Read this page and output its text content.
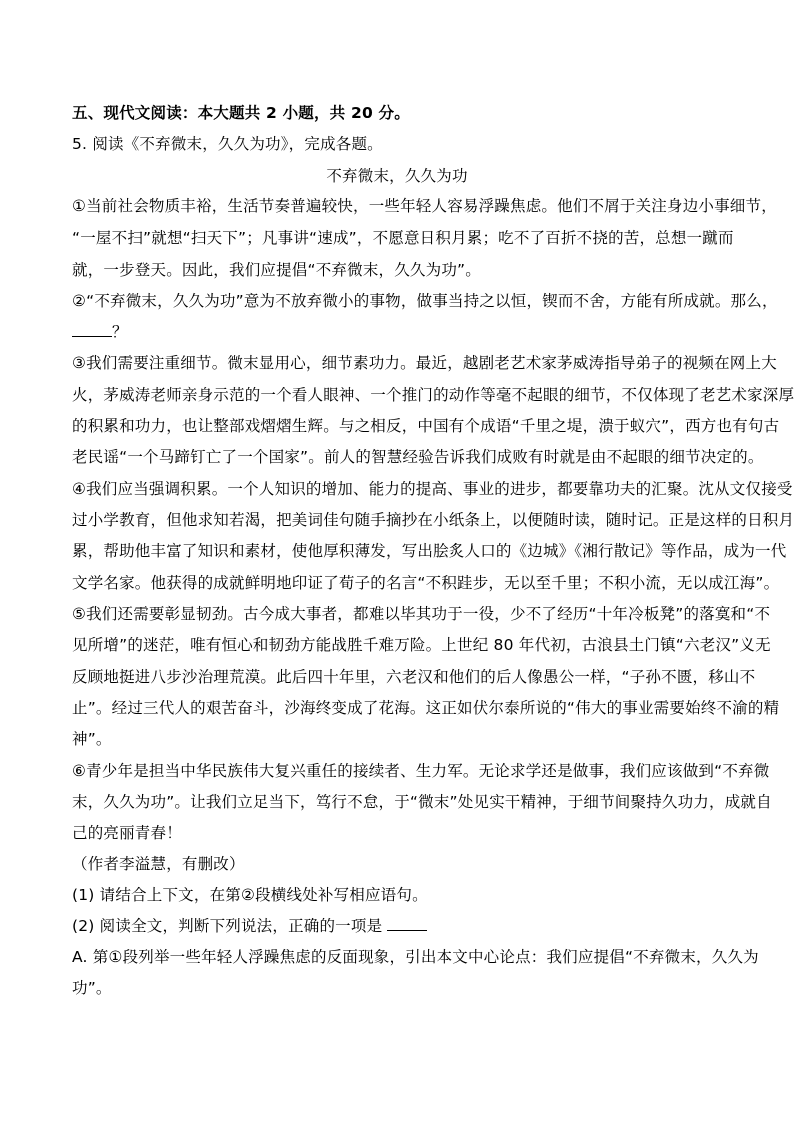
五、现代文阅读：本大题共 2 小题，共 20 分。
5. 阅读《不弃微末，久久为功》，完成各题。
不弃微末，久久为功
①当前社会物质丰裕，生活节奏普遍较快，一些年轻人容易浮躁焦虑。他们不屑于关注身边小事细节，
“一屋不扫”就想“扫天下”；凡事讲“速成”，不愿意日积月累；吃不了百折不挠的苦，总想一蹴而
就，一步登天。因此，我们应提倡“不弃微末，久久为功”。
②“不弃微末，久久为功”意为不放弃微小的事物，做事当持之以恒，锲而不舍，方能有所成就。那么，
？
③我们需要注重细节。微末显用心，细节素功力。最近，越剧老艺术家茅威涛指导弟子的视频在网上大
火，茅威涛老师亲身示范的一个看人眼神、一个推门的动作等毫不起眼的细节，不仅体现了老艺术家深厚
的积累和功力，也让整部戏熠熠生辉。与之相反，中国有个成语“千里之堤，溃于蚁穴”，西方也有句古
老民谣“一个马蹄钉亡了一个国家”。前人的智慧经验告诉我们成败有时就是由不起眼的细节决定的。
④我们应当强调积累。一个人知识的增加、能力的提高、事业的进步，都要靠功夫的汇聚。沈从文仅接受
过小学教育，但他求知若渴，把美词佳句随手摘抄在小纸条上，以便随时读，随时记。正是这样的日积月
累，帮助他丰富了知识和素材，使他厚积薄发，写出脍炙人口的《边城》《湘行散记》等作品，成为一代
文学名家。他获得的成就鲜明地印证了荀子的名言“不积跬步，无以至千里；不积小流，无以成江海”。
⑤我们还需要彰显韧劲。古今成大事者，都难以毕其功于一役，少不了经历“十年冷板凳”的落寞和“不
见所增”的迷茫，唯有恒心和韧劲方能战胜千难万险。上世纪 80 年代初，古浪县土门镇“六老汉”义无
反顾地挺进八步沙治理荒漠。此后四十年里，六老汉和他们的后人像愚公一样，“子孙不匮，移山不
止”。经过三代人的艰苦奋斗，沙海终变成了花海。这正如伏尔泰所说的“伟大的事业需要始终不渝的精
神”。
⑥青少年是担当中华民族伟大复兴重任的接续者、生力军。无论求学还是做事，我们应该做到“不弃微
末，久久为功”。让我们立足当下，笃行不怠，于“微末”处见实干精神，于细节间聚持久功力，成就自
己的亮丽青春！
（作者李溢慧，有删改）
(1) 请结合上下文，在第②段横线处补写相应语句。
(2) 阅读全文，判断下列说法，正确的一项是
A. 第①段列举一些年轻人浮躁焦虑的反面现象，引出本文中心论点：我们应提倡“不弃微末，久久为
功”。
